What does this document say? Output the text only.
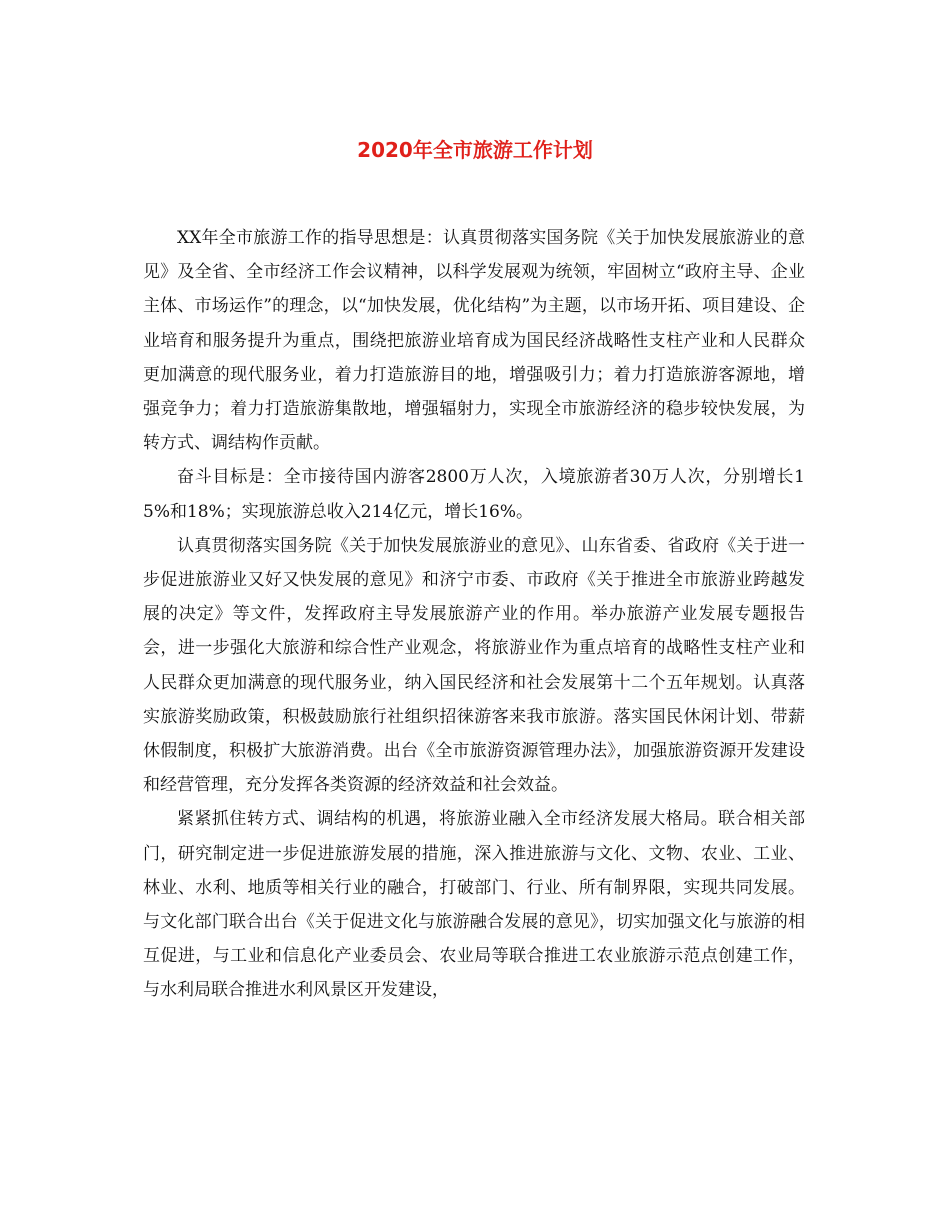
2020年全市旅游工作计划

XX年全市旅游工作的指导思想是：认真贯彻落实国务院《关于加快发展旅游业的意见》及全省、全市经济工作会议精神，以科学发展观为统领，牢固树立“政府主导、企业主体、市场运作”的理念，以“加快发展，优化结构”为主题，以市场开拓、项目建设、企业培育和服务提升为重点，围绕把旅游业培育成为国民经济战略性支柱产业和人民群众更加满意的现代服务业，着力打造旅游目的地，增强吸引力；着力打造旅游客源地，增强竞争力；着力打造旅游集散地，增强辐射力，实现全市旅游经济的稳步较快发展，为转方式、调结构作贡献。

奋斗目标是：全市接待国内游客2800万人次，入境旅游者30万人次，分别增长15%和18%；实现旅游总收入214亿元，增长16%。

认真贯彻落实国务院《关于加快发展旅游业的意见》、山东省委、省政府《关于进一步促进旅游业又好又快发展的意见》和济宁市委、市政府《关于推进全市旅游业跨越发展的决定》等文件，发挥政府主导发展旅游产业的作用。举办旅游产业发展专题报告会，进一步强化大旅游和综合性产业观念，将旅游业作为重点培育的战略性支柱产业和人民群众更加满意的现代服务业，纳入国民经济和社会发展第十二个五年规划。认真落实旅游奖励政策，积极鼓励旅行社组织招徕游客来我市旅游。落实国民休闲计划、带薪休假制度，积极扩大旅游消费。出台《全市旅游资源管理办法》，加强旅游资源开发建设和经营管理，充分发挥各类资源的经济效益和社会效益。

紧紧抓住转方式、调结构的机遇，将旅游业融入全市经济发展大格局。联合相关部门，研究制定进一步促进旅游发展的措施，深入推进旅游与文化、文物、农业、工业、林业、水利、地质等相关行业的融合，打破部门、行业、所有制界限，实现共同发展。与文化部门联合出台《关于促进文化与旅游融合发展的意见》，切实加强文化与旅游的相互促进，与工业和信息化产业委员会、农业局等联合推进工农业旅游示范点创建工作，与水利局联合推进水利风景区开发建设，
